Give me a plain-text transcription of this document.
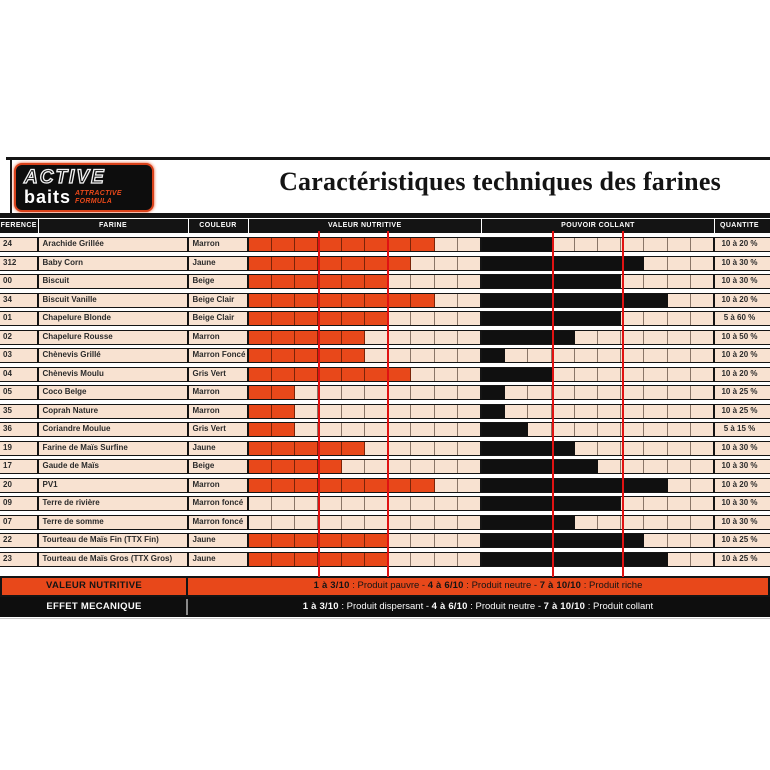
ACTIVE
baits ATTRACTIVE
FORMULA
Caractéristiques techniques des farines
FERENCE	FARINE	COULEUR	VALEUR NUTRITIVE	POUVOIR COLLANT	QUANTITE
24	Arachide Grillée	Marron	10 à 20 %
312	Baby Corn	Jaune	10 à 30 %
00	Biscuit	Beige	10 à 30 %
34	Biscuit Vanille	Beige Clair	10 à 20 %
01	Chapelure Blonde	Beige Clair	5 à 60 %
02	Chapelure Rousse	Marron	10 à 50 %
03	Chènevis Grillé	Marron Foncé	10 à 20 %
04	Chènevis Moulu	Gris Vert	10 à 20 %
05	Coco Belge	Marron	10 à 25 %
35	Coprah Nature	Marron	10 à 25 %
36	Coriandre Moulue	Gris Vert	5 à 15 %
19	Farine de Maïs Surfine	Jaune	10 à 30 %
17	Gaude de Maïs	Beige	10 à 30 %
20	PV1	Marron	10 à 20 %
09	Terre de rivière	Marron foncé	10 à 30 %
07	Terre de somme	Marron foncé	10 à 30 %
22	Tourteau de Maïs Fin (TTX Fin)	Jaune	10 à 25 %
23	Tourteau de Maïs Gros (TTX Gros)	Jaune	10 à 25 %
VALEUR NUTRITIVE	1 à 3/10 : Produit pauvre - 4 à 6/10 : Produit neutre - 7 à 10/10 : Produit riche
EFFET MECANIQUE	1 à 3/10 : Produit dispersant - 4 à 6/10 : Produit neutre - 7 à 10/10 : Produit collant
